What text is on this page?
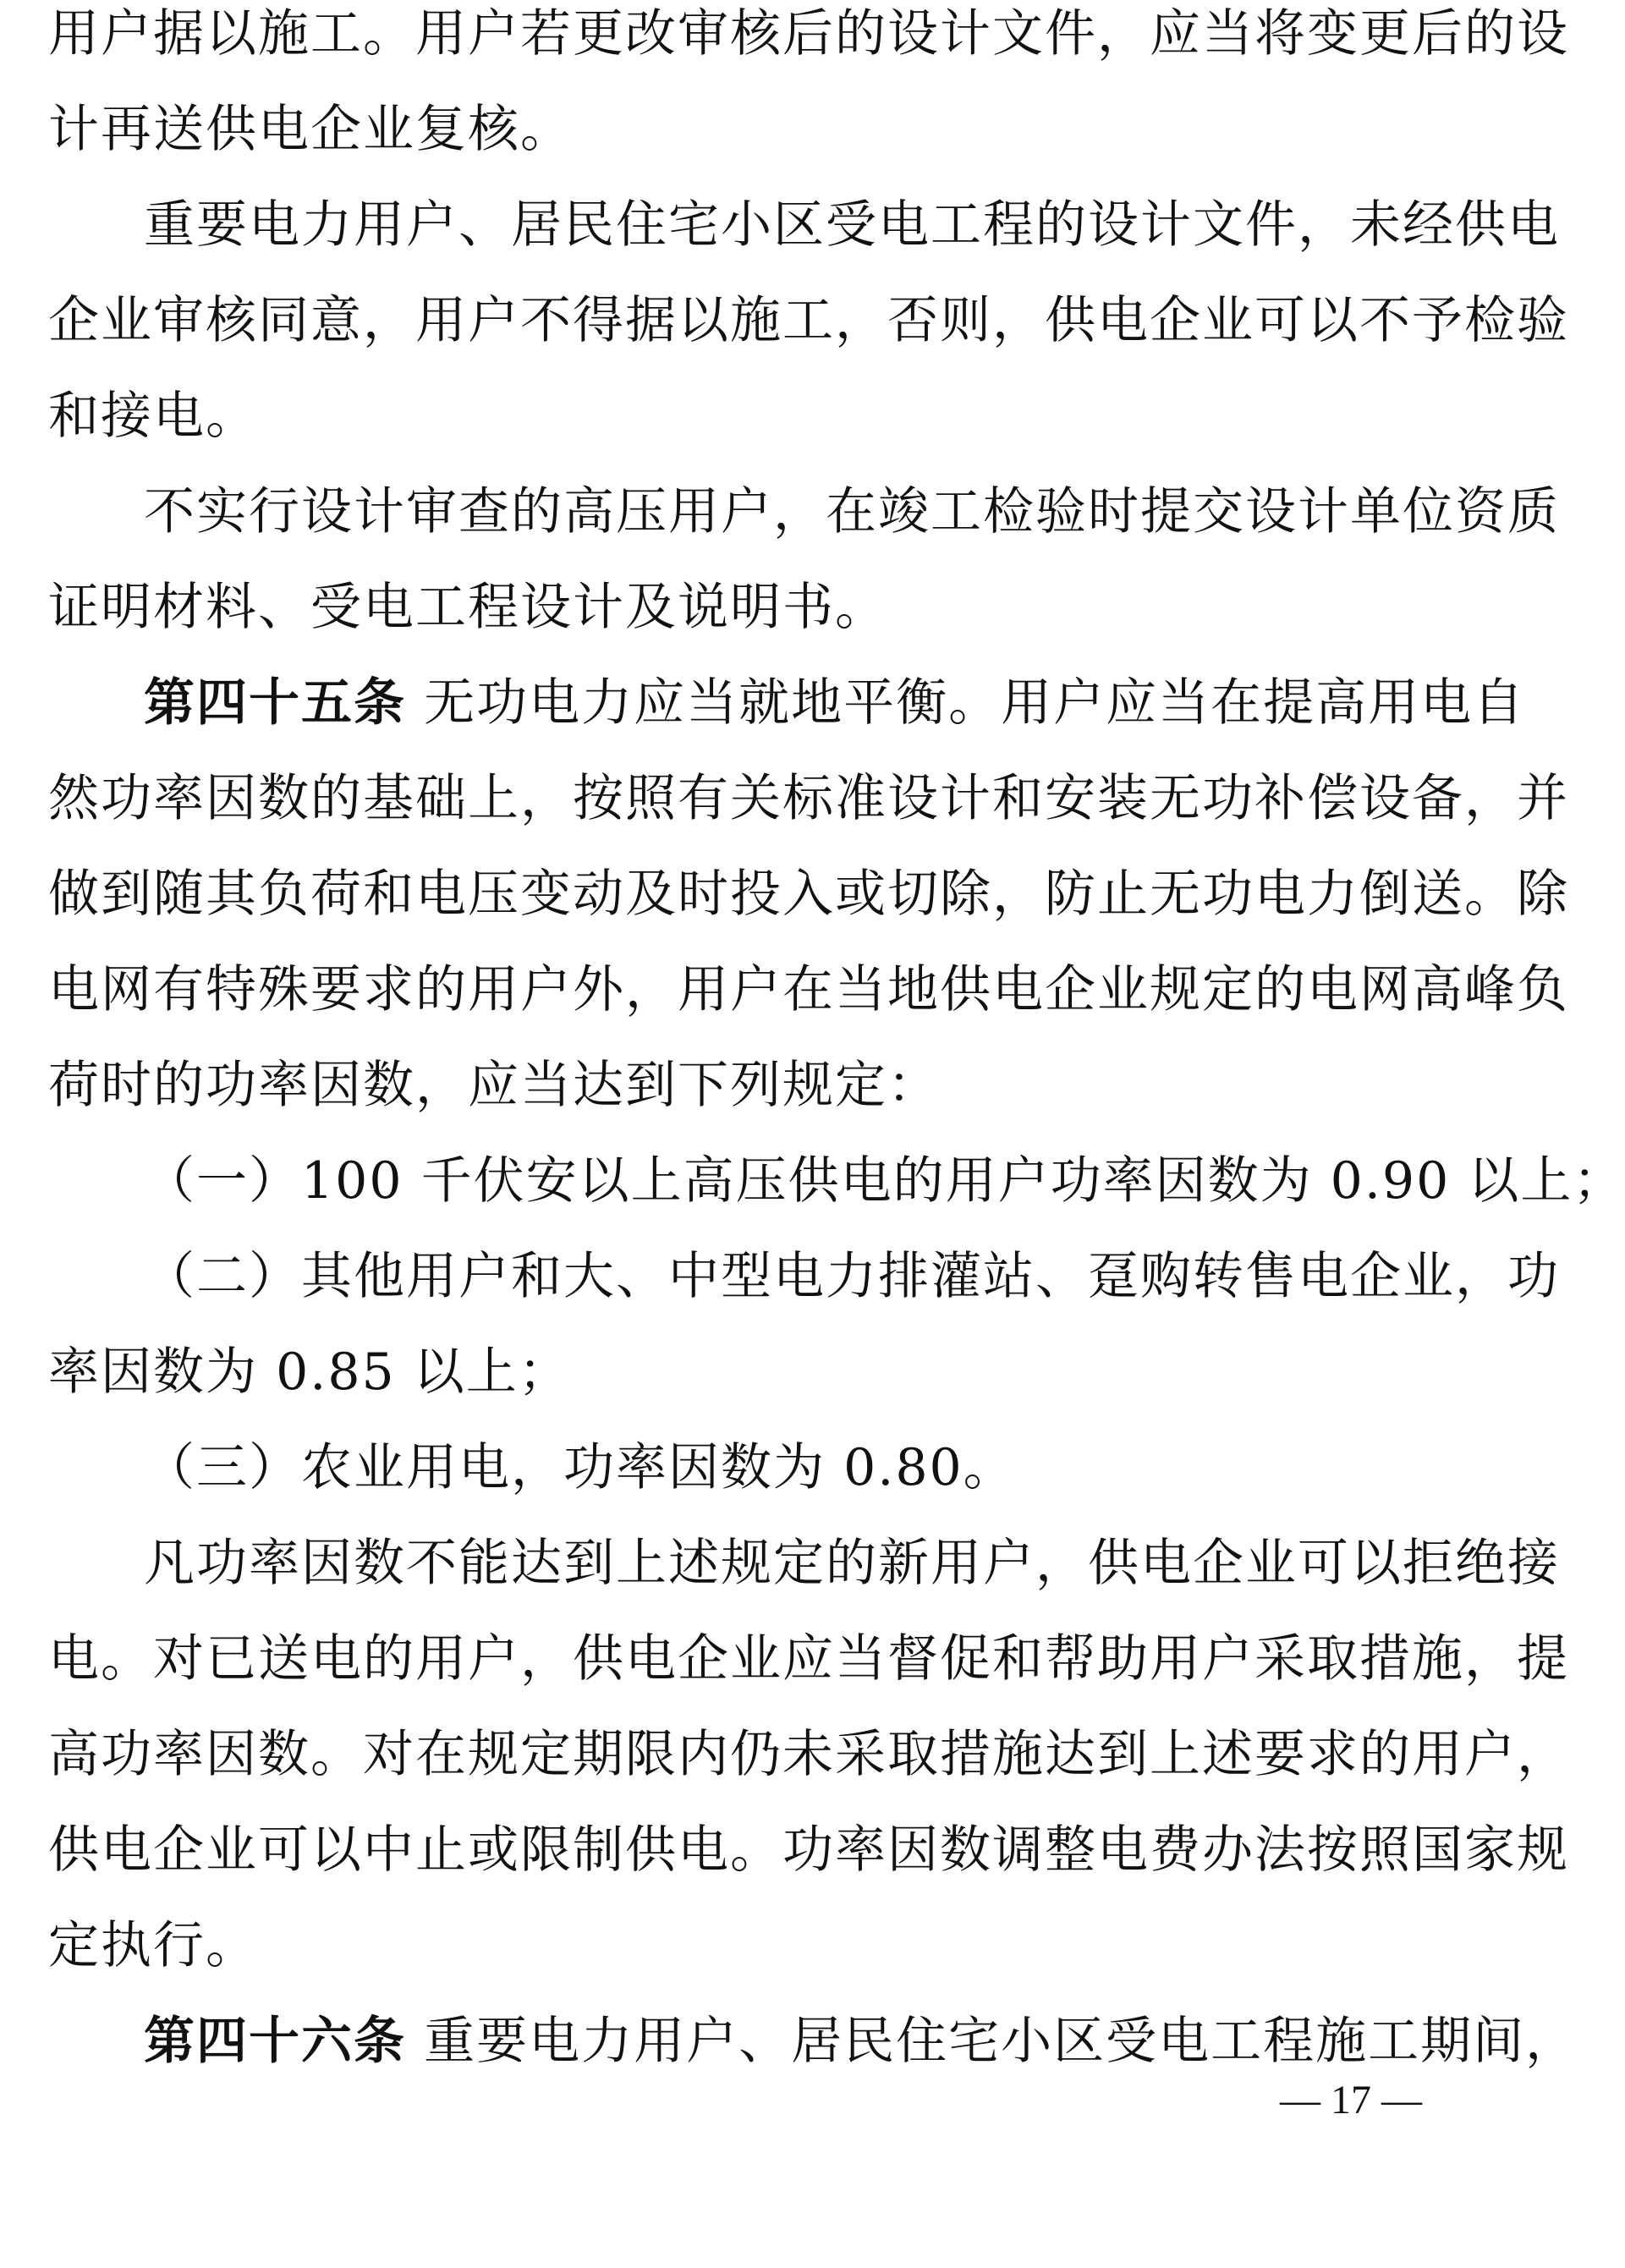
用户据以施工。用户若更改审核后的设计文件，应当将变更后的设
计再送供电企业复核。
重要电力用户、居民住宅小区受电工程的设计文件，未经供电
企业审核同意，用户不得据以施工，否则，供电企业可以不予检验
和接电。
不实行设计审查的高压用户，在竣工检验时提交设计单位资质
证明材料、受电工程设计及说明书。
第四十五条 无功电力应当就地平衡。用户应当在提高用电自
然功率因数的基础上，按照有关标准设计和安装无功补偿设备，并
做到随其负荷和电压变动及时投入或切除，防止无功电力倒送。除
电网有特殊要求的用户外，用户在当地供电企业规定的电网高峰负
荷时的功率因数，应当达到下列规定：
（一）100 千伏安以上高压供电的用户功率因数为 0.90 以上；
（二）其他用户和大、中型电力排灌站、趸购转售电企业，功
率因数为 0.85 以上；
（三）农业用电，功率因数为 0.80。
凡功率因数不能达到上述规定的新用户，供电企业可以拒绝接
电。对已送电的用户，供电企业应当督促和帮助用户采取措施，提
高功率因数。对在规定期限内仍未采取措施达到上述要求的用户，
供电企业可以中止或限制供电。功率因数调整电费办法按照国家规
定执行。
第四十六条 重要电力用户、居民住宅小区受电工程施工期间，
— 17 —
